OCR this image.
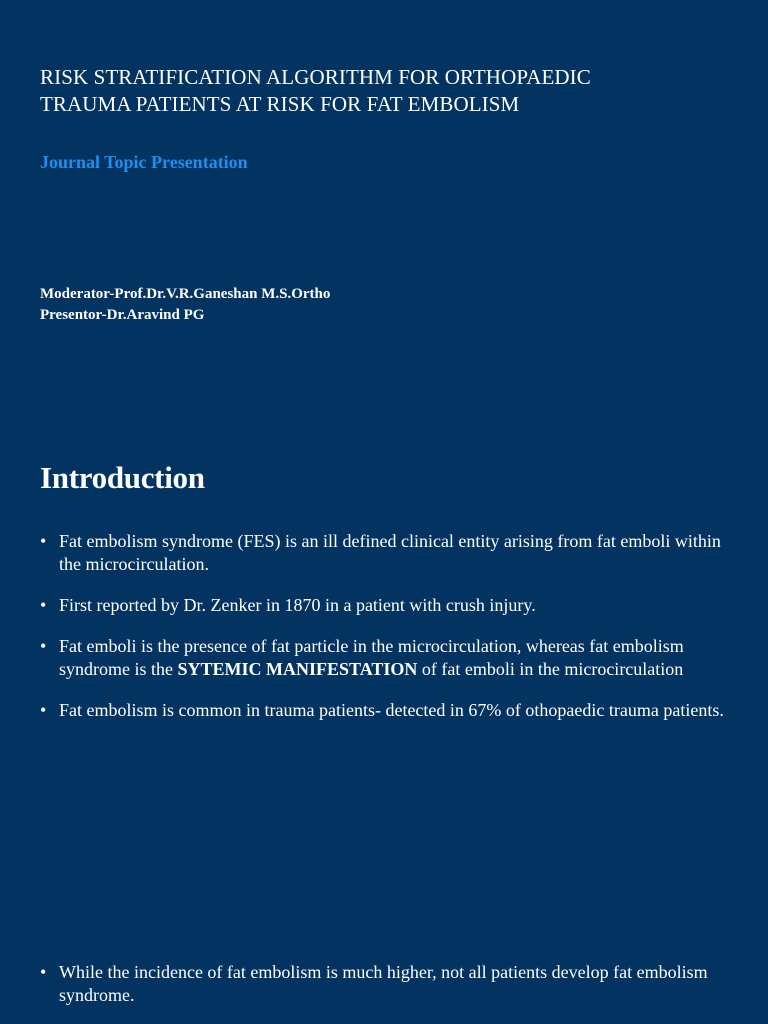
RISK STRATIFICATION ALGORITHM FOR ORTHOPAEDIC
TRAUMA PATIENTS AT RISK FOR FAT EMBOLISM
Journal Topic Presentation
Moderator-Prof.Dr.V.R.Ganeshan M.S.Ortho
Presentor-Dr.Aravind PG
Introduction
• Fat embolism syndrome (FES) is an ill defined clinical entity arising from fat emboli within the microcirculation.
• First reported by Dr. Zenker in 1870 in a patient with crush injury.
• Fat emboli is the presence of fat particle in the microcirculation, whereas fat embolism syndrome is the SYTEMIC MANIFESTATION of fat emboli in the microcirculation
• Fat embolism is common in trauma patients- detected in 67% of othopaedic trauma patients.
• While the incidence of fat embolism is much higher, not all patients develop fat embolism syndrome.
